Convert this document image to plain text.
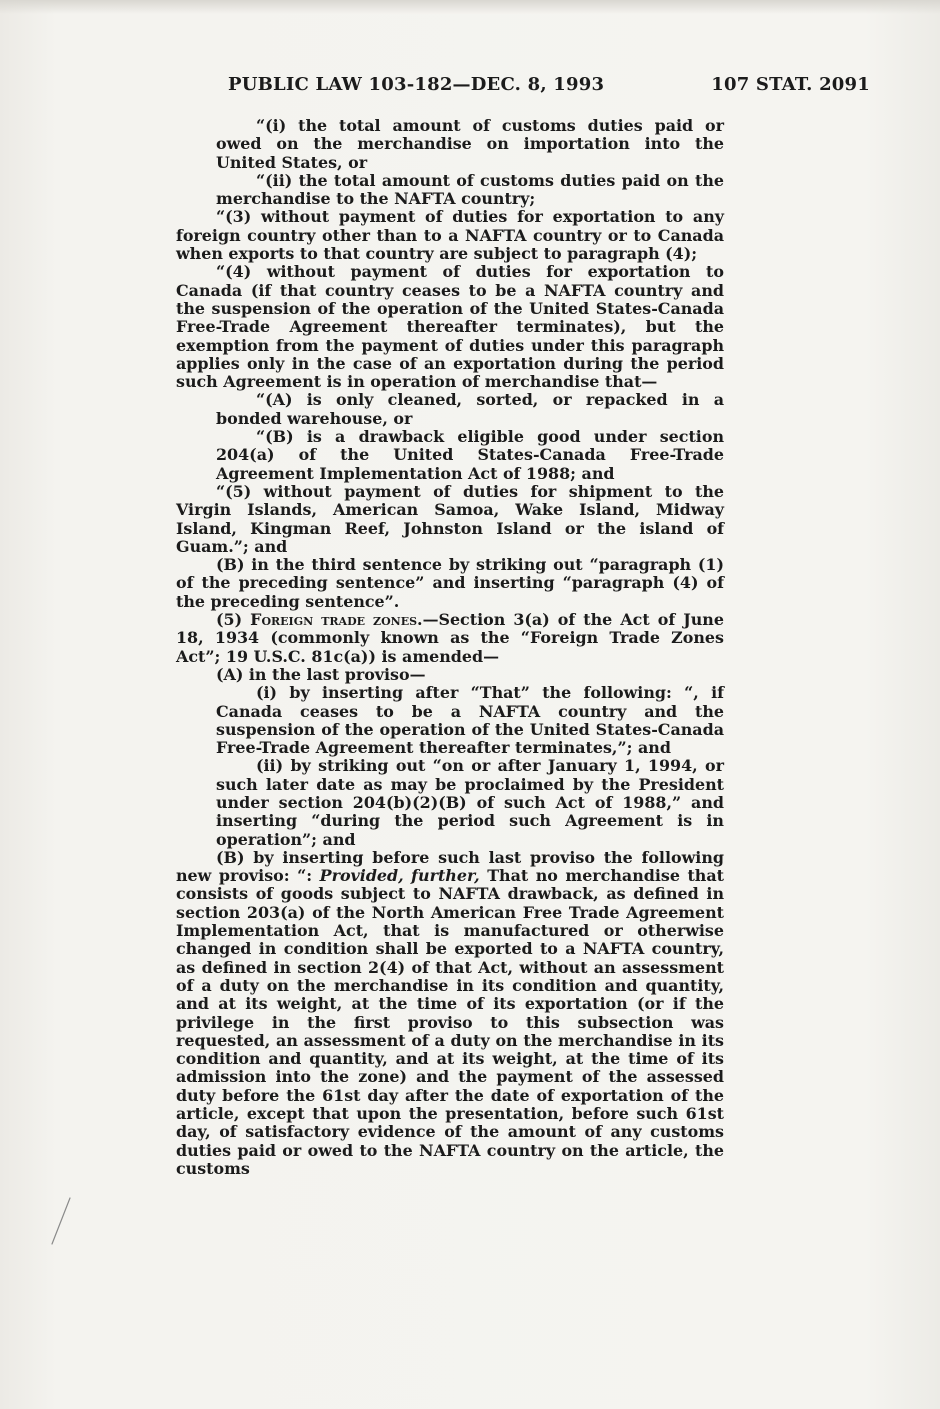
PUBLIC LAW 103-182—DEC. 8, 1993	107 STAT. 2091

“(i) the total amount of customs duties paid or owed on the merchandise on importation into the United States, or

“(ii) the total amount of customs duties paid on the merchandise to the NAFTA country;

“(3) without payment of duties for exportation to any foreign country other than to a NAFTA country or to Canada when exports to that country are subject to paragraph (4);

“(4) without payment of duties for exportation to Canada (if that country ceases to be a NAFTA country and the suspension of the operation of the United States-Canada Free-Trade Agreement thereafter terminates), but the exemption from the payment of duties under this paragraph applies only in the case of an exportation during the period such Agreement is in operation of merchandise that—

“(A) is only cleaned, sorted, or repacked in a bonded warehouse, or

“(B) is a drawback eligible good under section 204(a) of the United States-Canada Free-Trade Agreement Implementation Act of 1988; and

“(5) without payment of duties for shipment to the Virgin Islands, American Samoa, Wake Island, Midway Island, Kingman Reef, Johnston Island or the island of Guam.”; and

(B) in the third sentence by striking out “paragraph (1) of the preceding sentence” and inserting “paragraph (4) of the preceding sentence”.

(5) Foreign trade zones.—Section 3(a) of the Act of June 18, 1934 (commonly known as the “Foreign Trade Zones Act”; 19 U.S.C. 81c(a)) is amended—

(A) in the last proviso—

(i) by inserting after “That” the following: “, if Canada ceases to be a NAFTA country and the suspension of the operation of the United States-Canada Free-Trade Agreement thereafter terminates,”; and

(ii) by striking out “on or after January 1, 1994, or such later date as may be proclaimed by the President under section 204(b)(2)(B) of such Act of 1988,” and inserting “during the period such Agreement is in operation”; and

(B) by inserting before such last proviso the following new proviso: “: Provided, further, That no merchandise that consists of goods subject to NAFTA drawback, as defined in section 203(a) of the North American Free Trade Agreement Implementation Act, that is manufactured or otherwise changed in condition shall be exported to a NAFTA country, as defined in section 2(4) of that Act, without an assessment of a duty on the merchandise in its condition and quantity, and at its weight, at the time of its exportation (or if the privilege in the first proviso to this subsection was requested, an assessment of a duty on the merchandise in its condition and quantity, and at its weight, at the time of its admission into the zone) and the payment of the assessed duty before the 61st day after the date of exportation of the article, except that upon the presentation, before such 61st day, of satisfactory evidence of the amount of any customs duties paid or owed to the NAFTA country on the article, the customs
